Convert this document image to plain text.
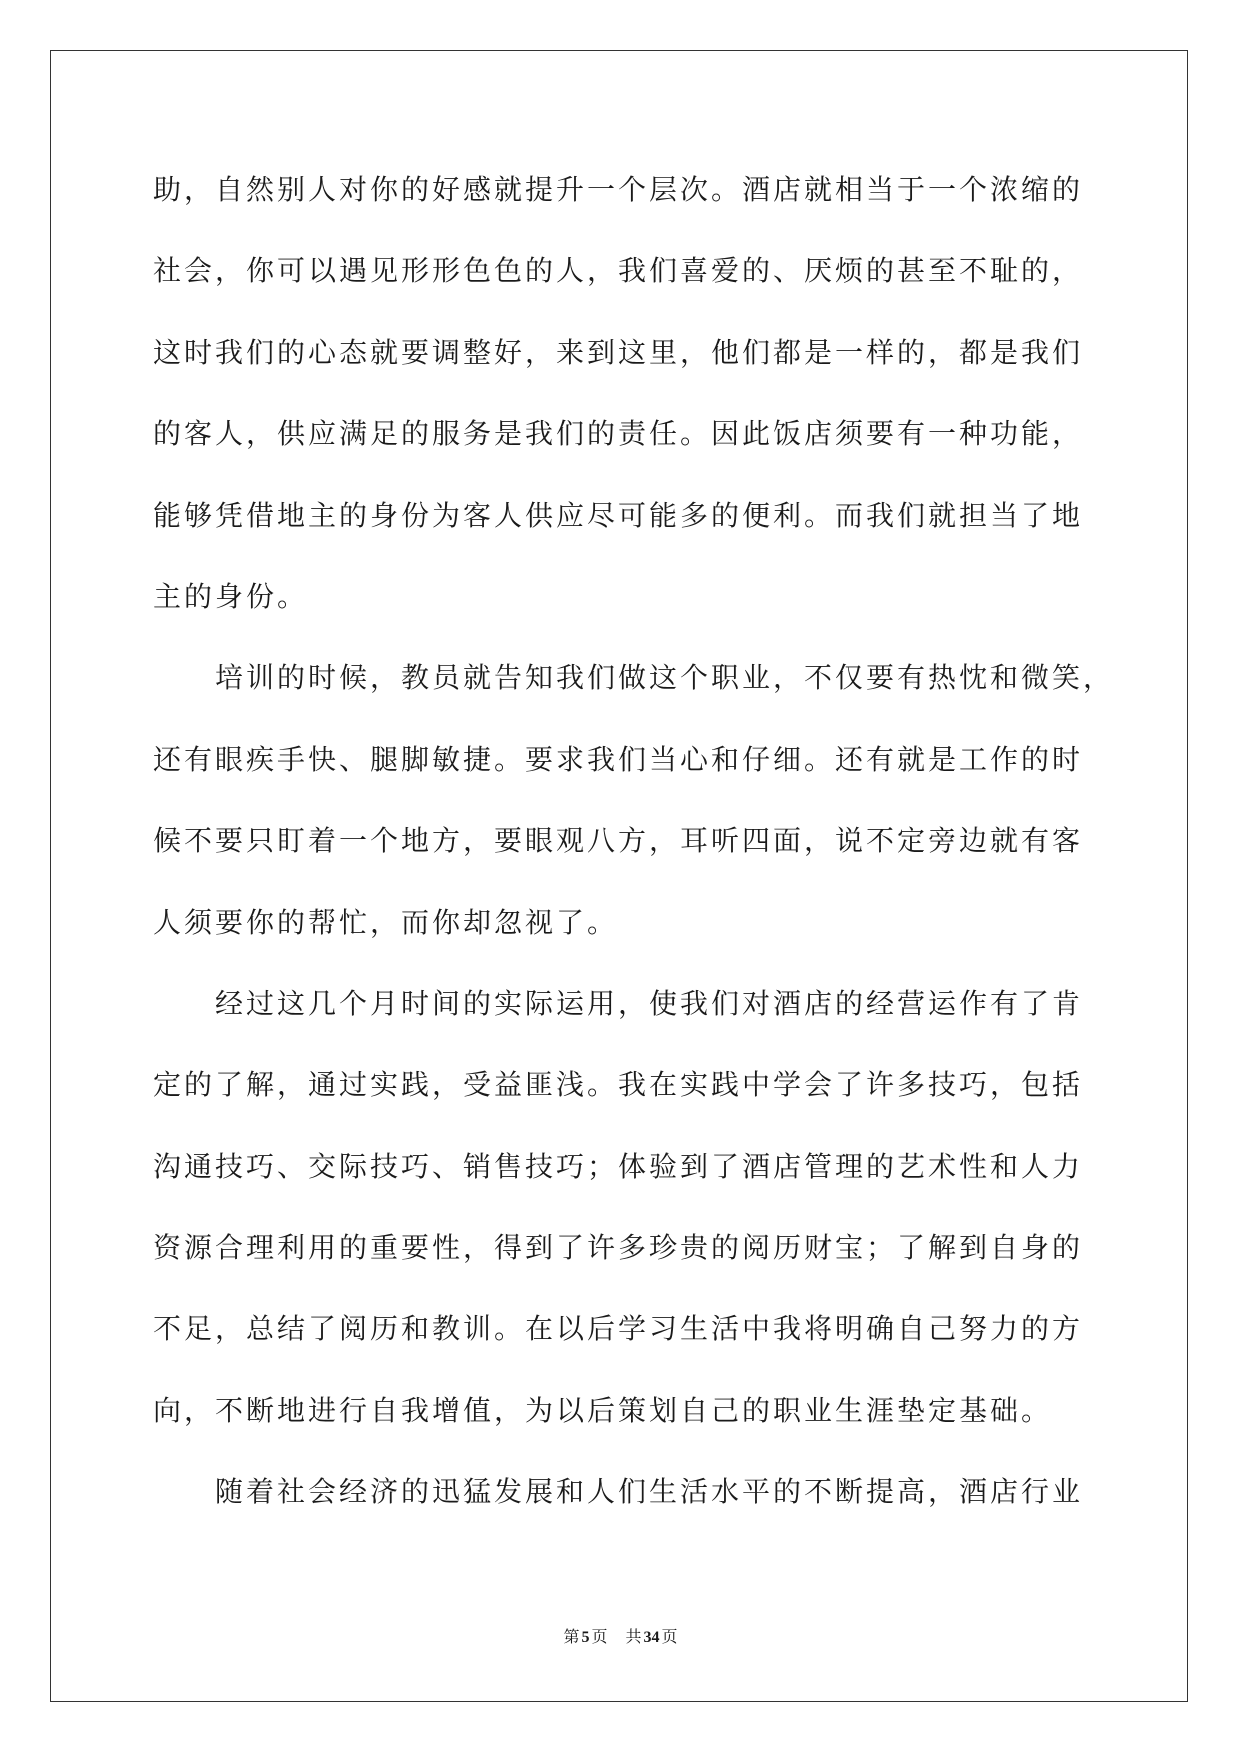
助，自然别人对你的好感就提升一个层次。酒店就相当于一个浓缩的
社会，你可以遇见形形色色的人，我们喜爱的、厌烦的甚至不耻的，
这时我们的心态就要调整好，来到这里，他们都是一样的，都是我们
的客人，供应满足的服务是我们的责任。因此饭店须要有一种功能，
能够凭借地主的身份为客人供应尽可能多的便利。而我们就担当了地
主的身份。
培训的时候，教员就告知我们做这个职业，不仅要有热忱和微笑，
还有眼疾手快、腿脚敏捷。要求我们当心和仔细。还有就是工作的时
候不要只盯着一个地方，要眼观八方，耳听四面，说不定旁边就有客
人须要你的帮忙，而你却忽视了。
经过这几个月时间的实际运用，使我们对酒店的经营运作有了肯
定的了解，通过实践，受益匪浅。我在实践中学会了许多技巧，包括
沟通技巧、交际技巧、销售技巧；体验到了酒店管理的艺术性和人力
资源合理利用的重要性，得到了许多珍贵的阅历财宝；了解到自身的
不足，总结了阅历和教训。在以后学习生活中我将明确自己努力的方
向，不断地进行自我增值，为以后策划自己的职业生涯垫定基础。
随着社会经济的迅猛发展和人们生活水平的不断提高，酒店行业
第 5 页 共 34 页
